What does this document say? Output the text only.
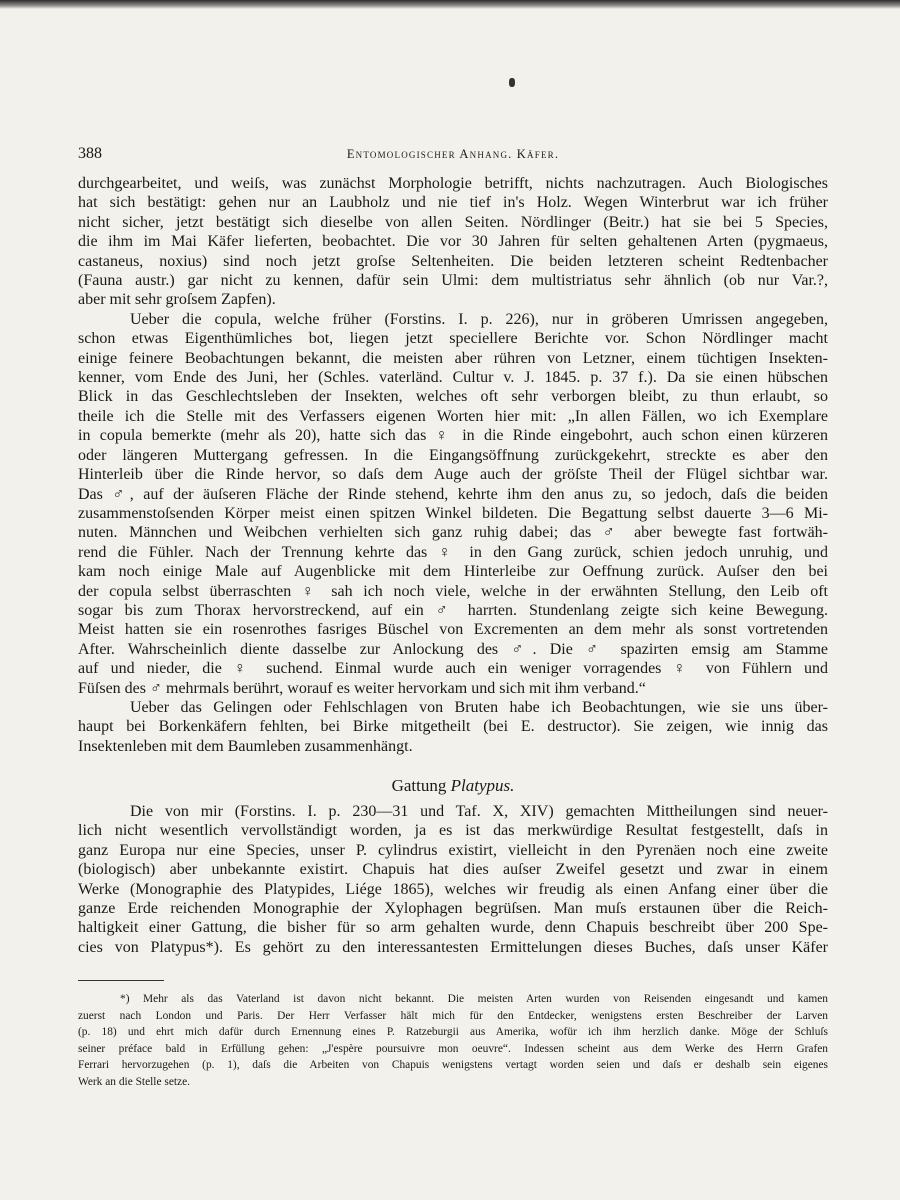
388	Entomologischer Anhang. Käfer.

durchgearbeitet, und weiſs, was zunächst Morphologie betrifft, nichts nachzutragen. Auch Biologisches
hat sich bestätigt: gehen nur an Laubholz und nie tief in's Holz. Wegen Winterbrut war ich früher
nicht sicher, jetzt bestätigt sich dieselbe von allen Seiten. Nördlinger (Beitr.) hat sie bei 5 Species,
die ihm im Mai Käfer lieferten, beobachtet. Die vor 30 Jahren für selten gehaltenen Arten (pygmaeus,
castaneus, noxius) sind noch jetzt groſse Seltenheiten. Die beiden letzteren scheint Redtenbacher
(Fauna austr.) gar nicht zu kennen, dafür sein Ulmi: dem multistriatus sehr ähnlich (ob nur Var.?,
aber mit sehr groſsem Zapfen).

Ueber die copula, welche früher (Forstins. I. p. 226), nur in gröberen Umrissen angegeben,
schon etwas Eigenthümliches bot, liegen jetzt speciellere Berichte vor. Schon Nördlinger macht
einige feinere Beobachtungen bekannt, die meisten aber rühren von Letzner, einem tüchtigen Insekten-
kenner, vom Ende des Juni, her (Schles. vaterländ. Cultur v. J. 1845. p. 37 f.). Da sie einen hübschen
Blick in das Geschlechtsleben der Insekten, welches oft sehr verborgen bleibt, zu thun erlaubt, so
theile ich die Stelle mit des Verfassers eigenen Worten hier mit: „In allen Fällen, wo ich Exemplare
in copula bemerkte (mehr als 20), hatte sich das ♀ in die Rinde eingebohrt, auch schon einen kürzeren
oder längeren Muttergang gefressen. In die Eingangsöffnung zurückgekehrt, streckte es aber den
Hinterleib über die Rinde hervor, so daſs dem Auge auch der gröſste Theil der Flügel sichtbar war.
Das ♂, auf der äuſseren Fläche der Rinde stehend, kehrte ihm den anus zu, so jedoch, daſs die beiden
zusammenstoſsenden Körper meist einen spitzen Winkel bildeten. Die Begattung selbst dauerte 3—6 Mi-
nuten. Männchen und Weibchen verhielten sich ganz ruhig dabei; das ♂ aber bewegte fast fortwäh-
rend die Fühler. Nach der Trennung kehrte das ♀ in den Gang zurück, schien jedoch unruhig, und
kam noch einige Male auf Augenblicke mit dem Hinterleibe zur Oeffnung zurück. Auſser den bei
der copula selbst überraschten ♀ sah ich noch viele, welche in der erwähnten Stellung, den Leib oft
sogar bis zum Thorax hervorstreckend, auf ein ♂ harrten. Stundenlang zeigte sich keine Bewegung.
Meist hatten sie ein rosenrothes fasriges Büschel von Excrementen an dem mehr als sonst vortretenden
After. Wahrscheinlich diente dasselbe zur Anlockung des ♂. Die ♂ spazirten emsig am Stamme
auf und nieder, die ♀ suchend. Einmal wurde auch ein weniger vorragendes ♀ von Fühlern und
Füſsen des ♂ mehrmals berührt, worauf es weiter hervorkam und sich mit ihm verband.“

Ueber das Gelingen oder Fehlschlagen von Bruten habe ich Beobachtungen, wie sie uns über-
haupt bei Borkenkäfern fehlten, bei Birke mitgetheilt (bei E. destructor). Sie zeigen, wie innig das
Insektenleben mit dem Baumleben zusammenhängt.

Gattung Platypus.

Die von mir (Forstins. I. p. 230—31 und Taf. X, XIV) gemachten Mittheilungen sind neuer-
lich nicht wesentlich vervollständigt worden, ja es ist das merkwürdige Resultat festgestellt, daſs in
ganz Europa nur eine Species, unser P. cylindrus existirt, vielleicht in den Pyrenäen noch eine zweite
(biologisch) aber unbekannte existirt. Chapuis hat dies auſser Zweifel gesetzt und zwar in einem
Werke (Monographie des Platypides, Liége 1865), welches wir freudig als einen Anfang einer über die
ganze Erde reichenden Monographie der Xylophagen begrüſsen. Man muſs erstaunen über die Reich-
haltigkeit einer Gattung, die bisher für so arm gehalten wurde, denn Chapuis beschreibt über 200 Spe-
cies von Platypus*). Es gehört zu den interessantesten Ermittelungen dieses Buches, daſs unser Käfer

*) Mehr als das Vaterland ist davon nicht bekannt. Die meisten Arten wurden von Reisenden eingesandt und kamen
zuerst nach London und Paris. Der Herr Verfasser hält mich für den Entdecker, wenigstens ersten Beschreiber der Larven
(p. 18) und ehrt mich dafür durch Ernennung eines P. Ratzeburgii aus Amerika, wofür ich ihm herzlich danke. Möge der Schluſs
seiner préface bald in Erfüllung gehen: „J'espère poursuivre mon oeuvre“. Indessen scheint aus dem Werke des Herrn Grafen
Ferrari hervorzugehen (p. 1), daſs die Arbeiten von Chapuis wenigstens vertagt worden seien und daſs er deshalb sein eigenes
Werk an die Stelle setze.
